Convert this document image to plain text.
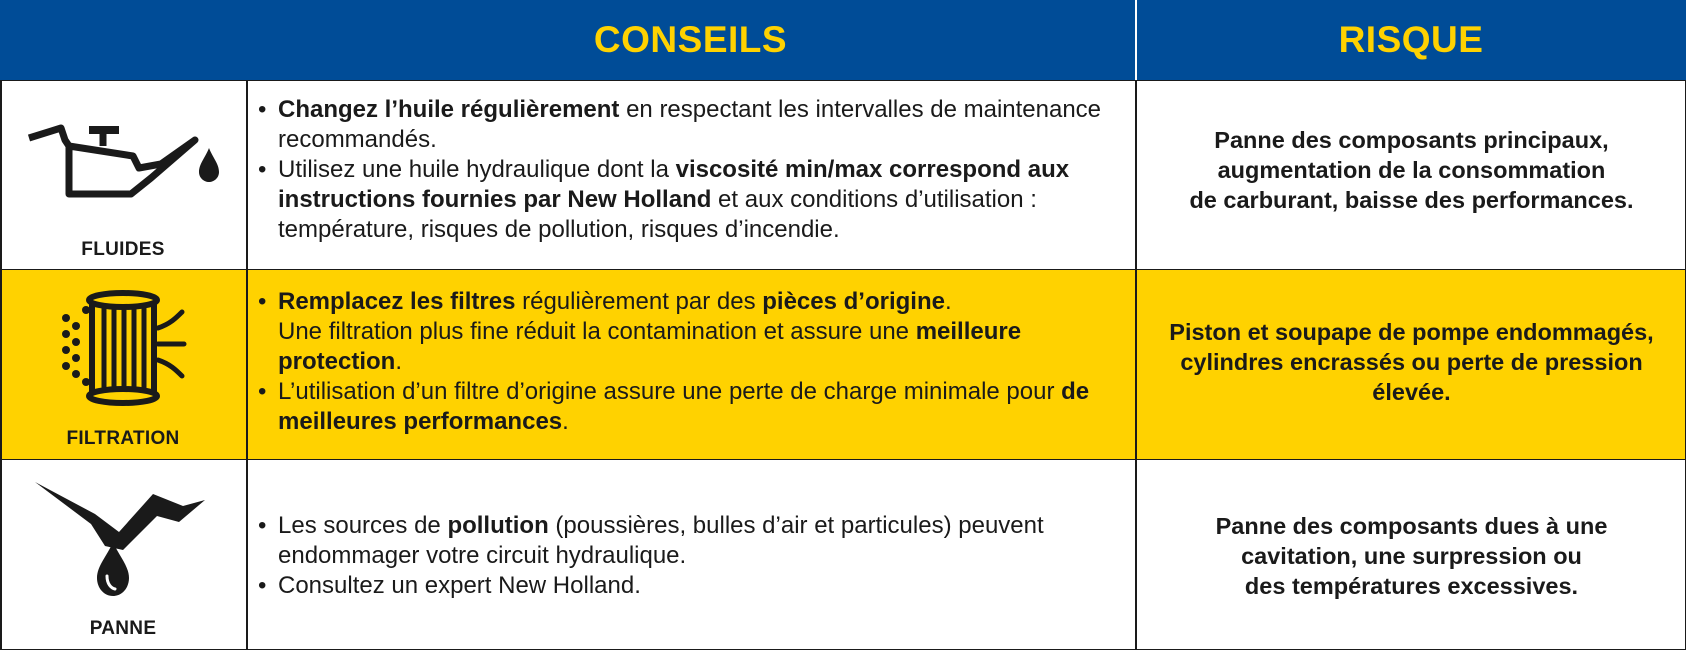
CONSEILS	RISQUE
FLUIDES
• Changez l’huile régulièrement en respectant les intervalles de maintenance recommandés.
• Utilisez une huile hydraulique dont la viscosité min/max correspond aux instructions fournies par New Holland et aux conditions d’utilisation : température, risques de pollution, risques d’incendie.
Panne des composants principaux,
augmentation de la consommation
de carburant, baisse des performances.
FILTRATION
• Remplacez les filtres régulièrement par des pièces d’origine.
Une filtration plus fine réduit la contamination et assure une meilleure protection.
• L’utilisation d’un filtre d’origine assure une perte de charge minimale pour de meilleures performances.
Piston et soupape de pompe endommagés,
cylindres encrassés ou perte de pression
élevée.
PANNE
• Les sources de pollution (poussières, bulles d’air et particules) peuvent endommager votre circuit hydraulique.
• Consultez un expert New Holland.
Panne des composants dues à une
cavitation, une surpression ou
des températures excessives.
